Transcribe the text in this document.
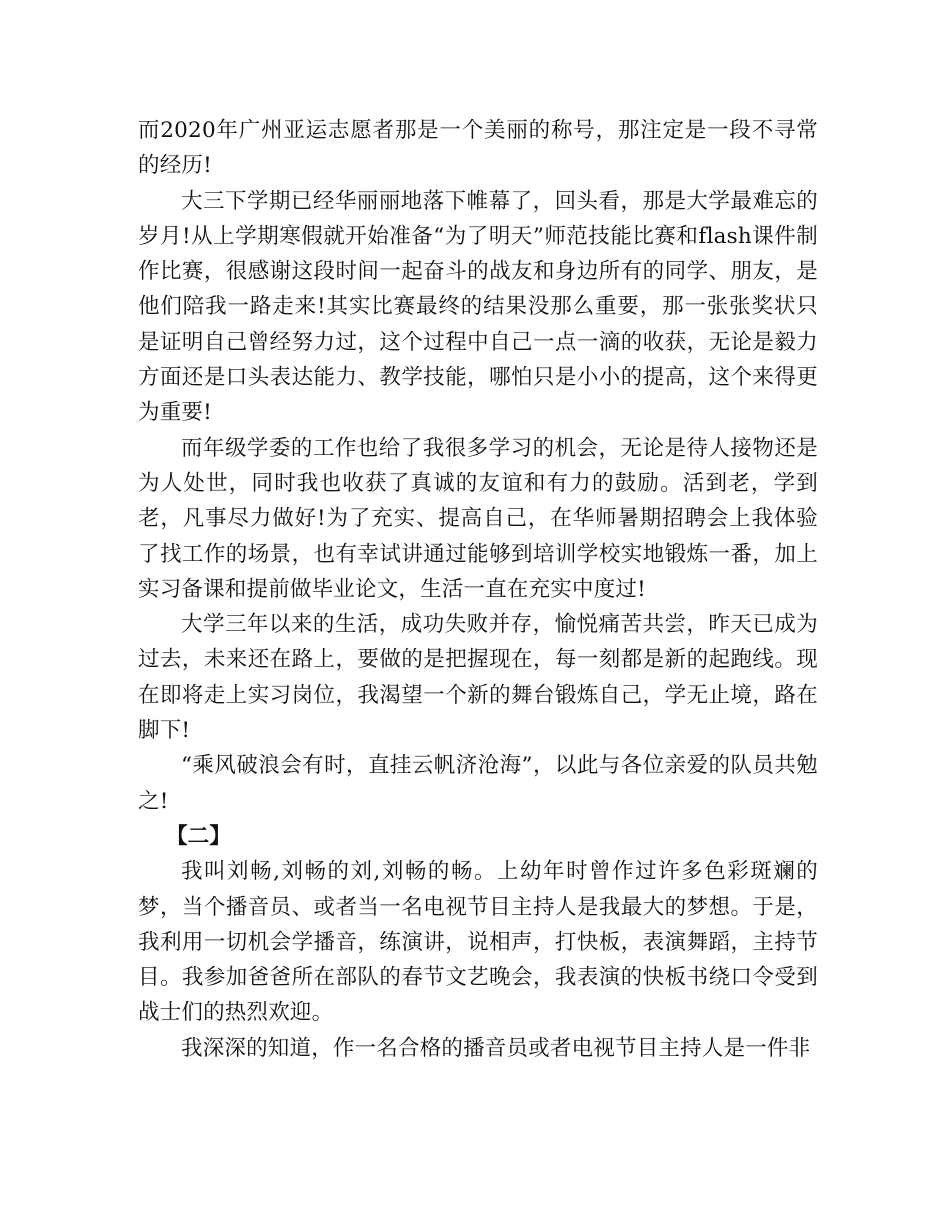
而2020年广州亚运志愿者那是一个美丽的称号，那注定是一段不寻常的经历!

大三下学期已经华丽丽地落下帷幕了，回头看，那是大学最难忘的岁月!从上学期寒假就开始准备“为了明天”师范技能比赛和flash课件制作比赛，很感谢这段时间一起奋斗的战友和身边所有的同学、朋友，是他们陪我一路走来!其实比赛最终的结果没那么重要，那一张张奖状只是证明自己曾经努力过，这个过程中自己一点一滴的收获，无论是毅力方面还是口头表达能力、教学技能，哪怕只是小小的提高，这个来得更为重要!

而年级学委的工作也给了我很多学习的机会，无论是待人接物还是为人处世，同时我也收获了真诚的友谊和有力的鼓励。活到老，学到老，凡事尽力做好!为了充实、提高自己，在华师暑期招聘会上我体验了找工作的场景，也有幸试讲通过能够到培训学校实地锻炼一番，加上实习备课和提前做毕业论文，生活一直在充实中度过!

大学三年以来的生活，成功失败并存，愉悦痛苦共尝，昨天已成为过去，未来还在路上，要做的是把握现在，每一刻都是新的起跑线。现在即将走上实习岗位，我渴望一个新的舞台锻炼自己，学无止境，路在脚下!

“乘风破浪会有时，直挂云帆济沧海”，以此与各位亲爱的队员共勉之!

【二】

我叫刘畅,刘畅的刘,刘畅的畅。上幼年时曾作过许多色彩斑斓的梦，当个播音员、或者当一名电视节目主持人是我最大的梦想。于是，我利用一切机会学播音，练演讲，说相声，打快板，表演舞蹈，主持节目。我参加爸爸所在部队的春节文艺晚会，我表演的快板书绕口令受到战士们的热烈欢迎。

我深深的知道，作一名合格的播音员或者电视节目主持人是一件非
